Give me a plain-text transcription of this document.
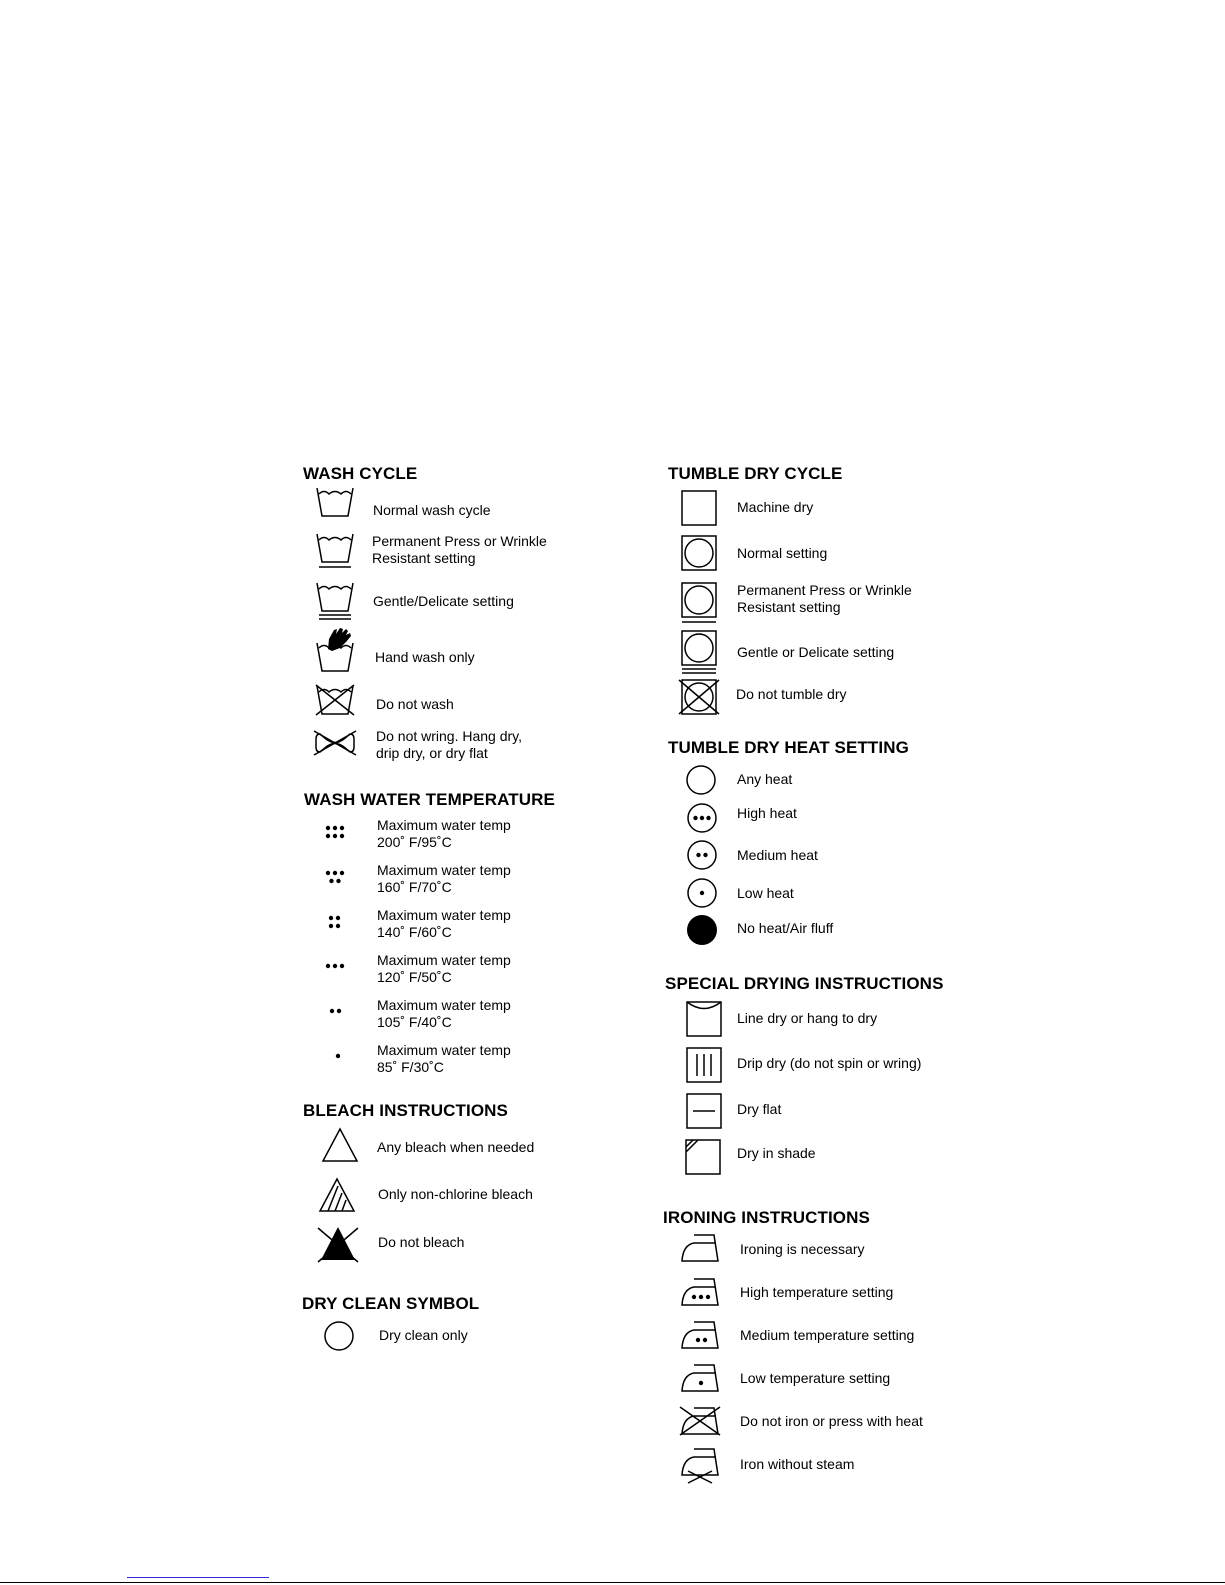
WASH CYCLE
Normal wash cycle
Permanent Press or Wrinkle
Resistant setting
Gentle/Delicate setting
Hand wash only
Do not wash
Do not wring. Hang dry,
drip dry, or dry flat
WASH WATER TEMPERATURE
Maximum water temp
200˚ F/95˚C
Maximum water temp
160˚ F/70˚C
Maximum water temp
140˚ F/60˚C
Maximum water temp
120˚ F/50˚C
Maximum water temp
105˚ F/40˚C
Maximum water temp
85˚ F/30˚C
BLEACH INSTRUCTIONS
Any bleach when needed
Only non-chlorine bleach
Do not bleach
DRY CLEAN SYMBOL
Dry clean only
TUMBLE DRY CYCLE
Machine dry
Normal setting
Permanent Press or Wrinkle
Resistant setting
Gentle or Delicate setting
Do not tumble dry
TUMBLE DRY HEAT SETTING
Any heat
High heat
Medium heat
Low heat
No heat/Air fluff
SPECIAL DRYING INSTRUCTIONS
Line dry or hang to dry
Drip dry (do not spin or wring)
Dry flat
Dry in shade
IRONING INSTRUCTIONS
Ironing is necessary
High temperature setting
Medium temperature setting
Low temperature setting
Do not iron or press with heat
Iron without steam
